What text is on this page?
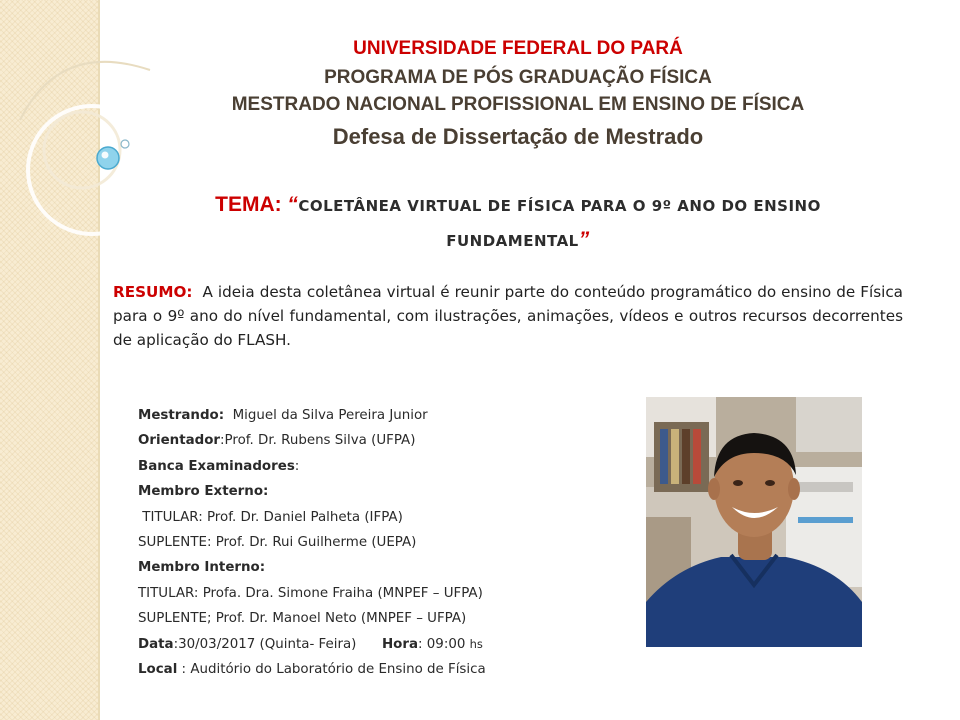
UNIVERSIDADE FEDERAL DO PARÁ
PROGRAMA DE PÓS GRADUAÇÃO FÍSICA
MESTRADO NACIONAL PROFISSIONAL EM ENSINO DE FÍSICA
Defesa de Dissertação de Mestrado
TEMA: “COLETÂNEA VIRTUAL DE FÍSICA PARA O 9º ANO DO ENSINO
FUNDAMENTAL”
RESUMO: A ideia desta coletânea virtual é reunir parte do conteúdo programático do ensino de Física para o 9º ano do nível fundamental, com ilustrações, animações, vídeos e outros recursos decorrentes de aplicação do FLASH.
Mestrando: Miguel da Silva Pereira Junior
Orientador:Prof. Dr. Rubens Silva (UFPA)
Banca Examinadores:
Membro Externo:
TITULAR: Prof. Dr. Daniel Palheta (IFPA)
SUPLENTE: Prof. Dr. Rui Guilherme (UEPA)
Membro Interno:
TITULAR: Profa. Dra. Simone Fraiha (MNPEF – UFPA)
SUPLENTE; Prof. Dr. Manoel Neto (MNPEF – UFPA)
Data:30/03/2017 (Quinta- Feira) Hora: 09:00 hs
Local : Auditório do Laboratório de Ensino de Física
